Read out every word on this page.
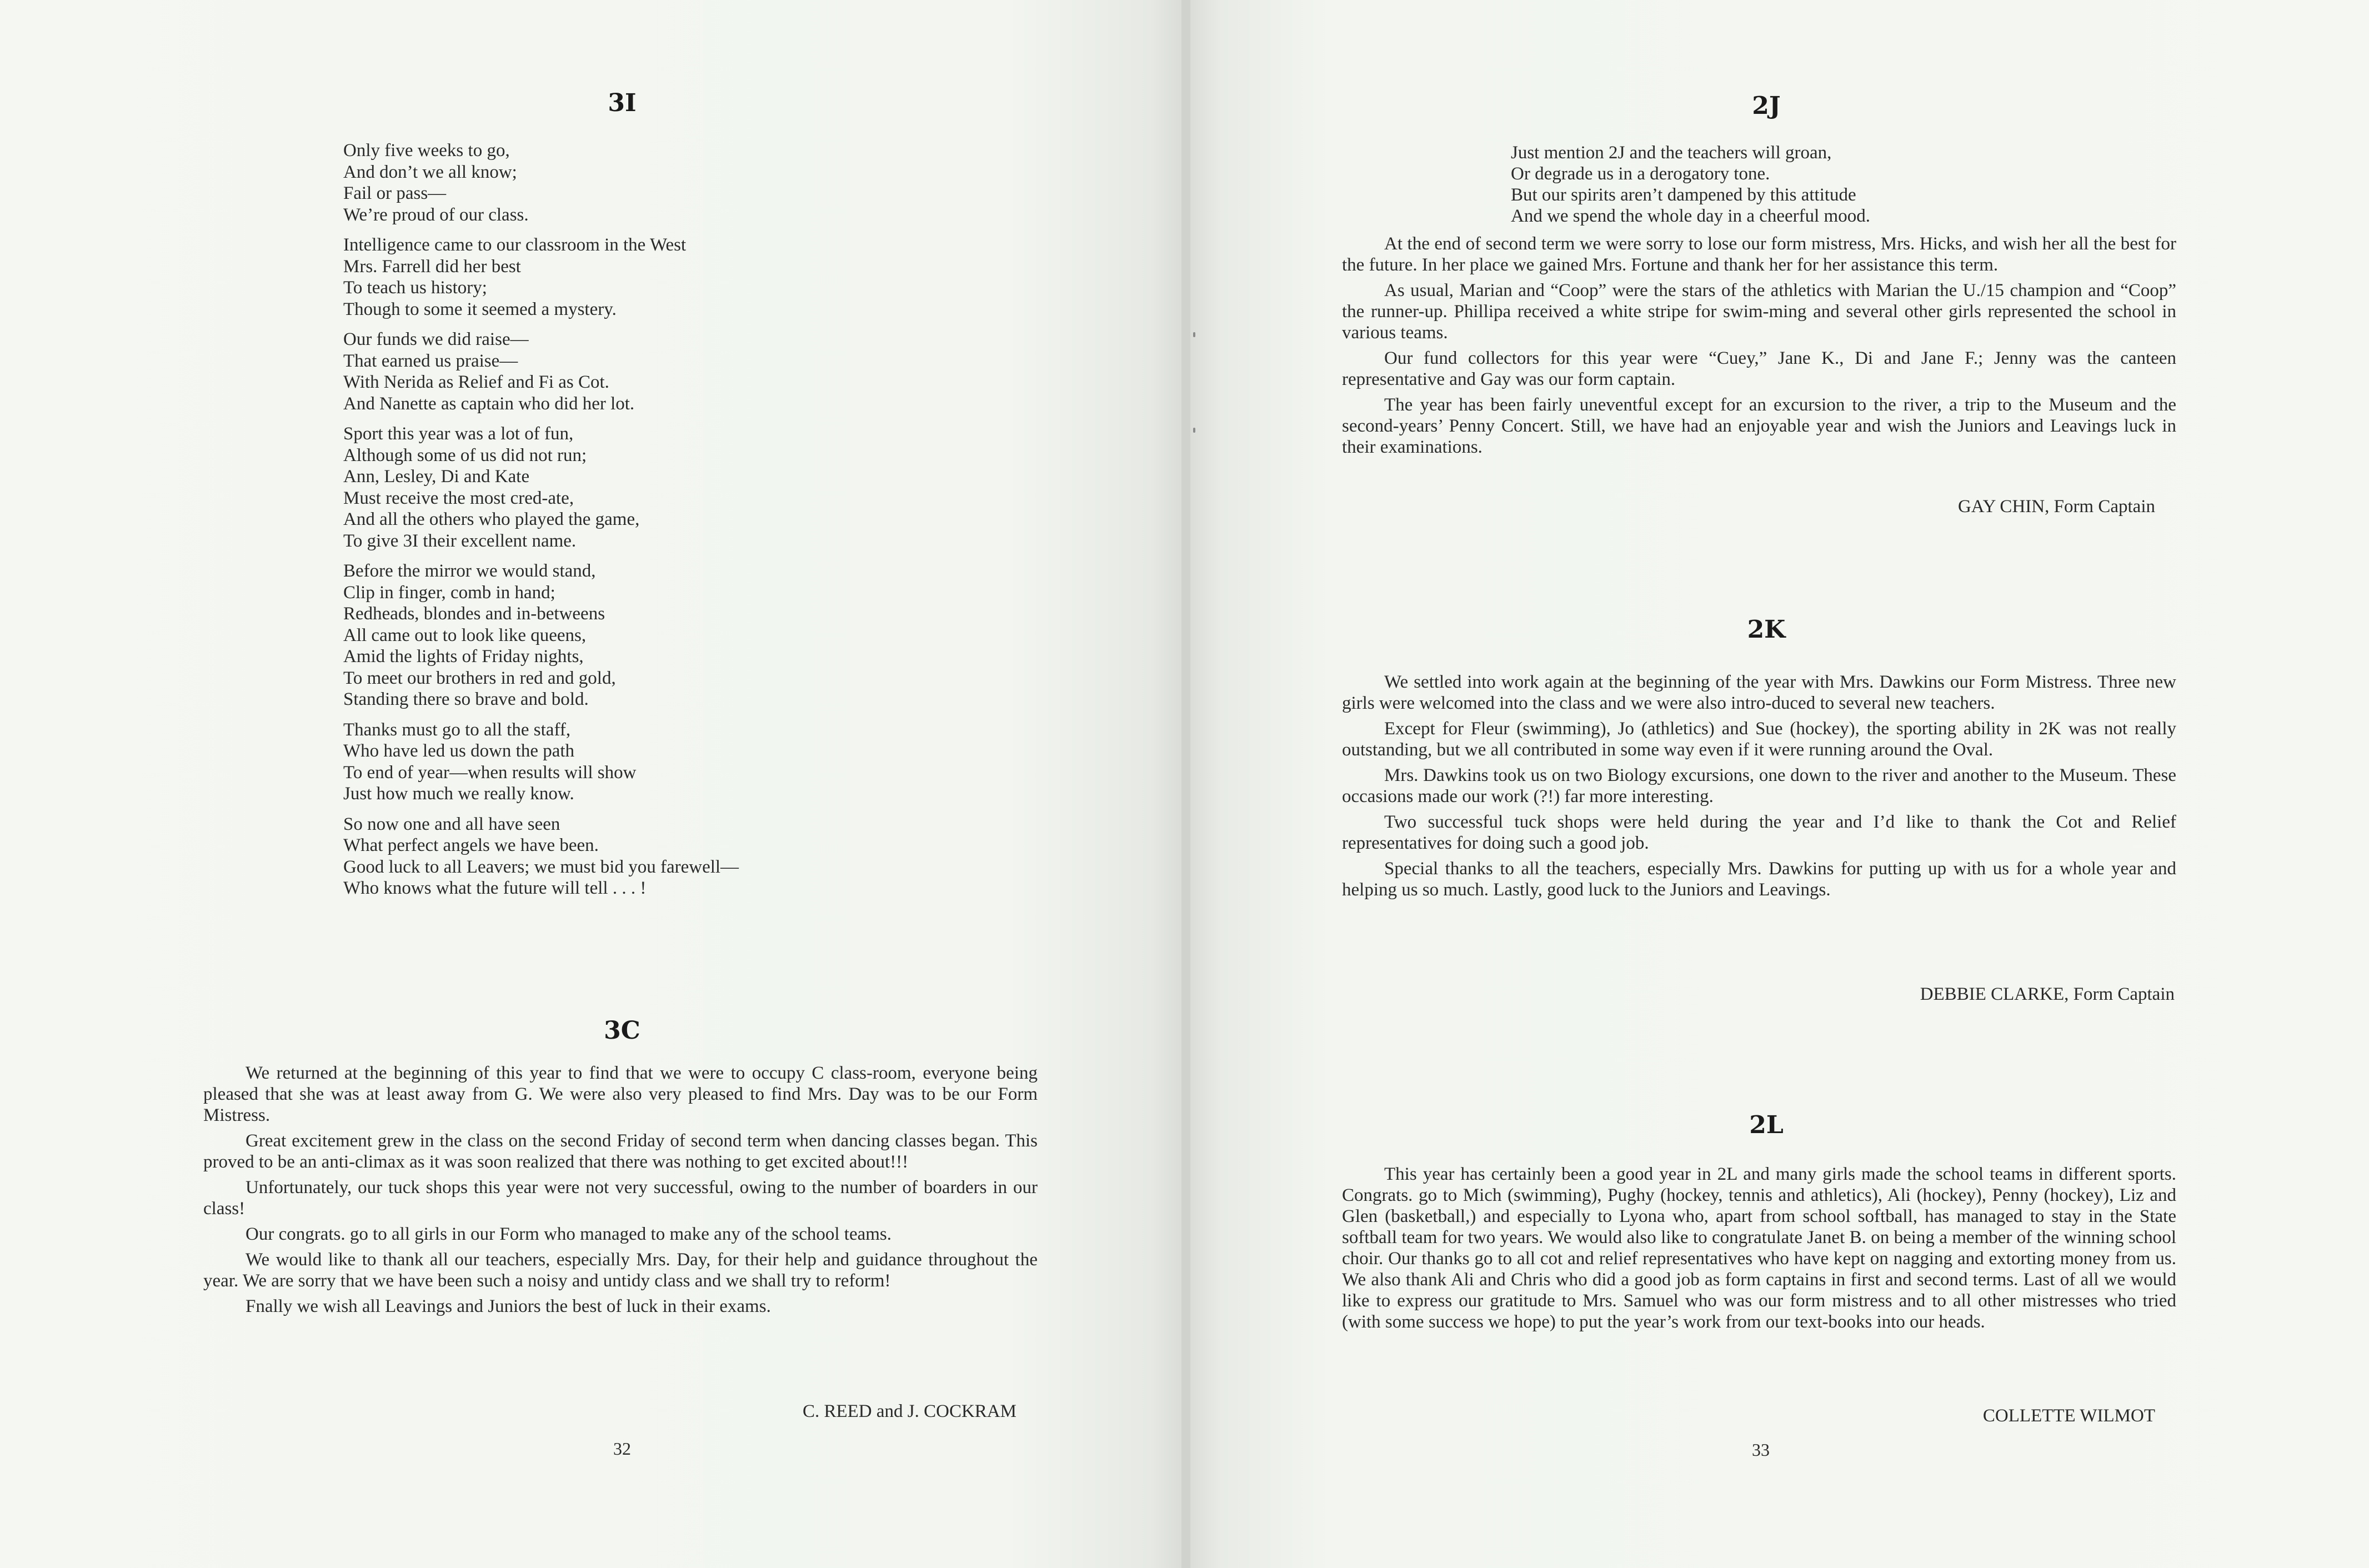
3I
Only five weeks to go,
And don’t we all know;
Fail or pass—
We’re proud of our class.
Intelligence came to our classroom in the West
Mrs. Farrell did her best
To teach us history;
Though to some it seemed a mystery.
Our funds we did raise—
That earned us praise—
With Nerida as Relief and Fi as Cot.
And Nanette as captain who did her lot.
Sport this year was a lot of fun,
Although some of us did not run;
Ann, Lesley, Di and Kate
Must receive the most cred-ate,
And all the others who played the game,
To give 3I their excellent name.
Before the mirror we would stand,
Clip in finger, comb in hand;
Redheads, blondes and in-betweens
All came out to look like queens,
Amid the lights of Friday nights,
To meet our brothers in red and gold,
Standing there so brave and bold.
Thanks must go to all the staff,
Who have led us down the path
To end of year—when results will show
Just how much we really know.
So now one and all have seen
What perfect angels we have been.
Good luck to all Leavers; we must bid you farewell—
Who knows what the future will tell . . . !
3C

We returned at the beginning of this year to find that we were to occupy C class-room, everyone being pleased that she was at least away from G. We were also very pleased to find Mrs. Day was to be our Form Mistress.

Great excitement grew in the class on the second Friday of second term when dancing classes began. This proved to be an anti-climax as it was soon realized that there was nothing to get excited about!!!

Unfortunately, our tuck shops this year were not very successful, owing to the number of boarders in our class!

Our congrats. go to all girls in our Form who managed to make any of the school teams.

We would like to thank all our teachers, especially Mrs. Day, for their help and guidance throughout the year. We are sorry that we have been such a noisy and untidy class and we shall try to reform!

Fnally we wish all Leavings and Juniors the best of luck in their exams.

C. REED and J. COCKRAM
32
2J
Just mention 2J and the teachers will groan,
Or degrade us in a derogatory tone.
But our spirits aren’t dampened by this attitude
And we spend the whole day in a cheerful mood.

At the end of second term we were sorry to lose our form mistress, Mrs. Hicks, and wish her all the best for the future. In her place we gained Mrs. Fortune and thank her for her assistance this term.

As usual, Marian and “Coop” were the stars of the athletics with Marian the U./15 champion and “Coop” the runner-up. Phillipa received a white stripe for swim-ming and several other girls represented the school in various teams.

Our fund collectors for this year were “Cuey,” Jane K., Di and Jane F.; Jenny was the canteen representative and Gay was our form captain.

The year has been fairly uneventful except for an excursion to the river, a trip to the Museum and the second-years’ Penny Concert. Still, we have had an enjoyable year and wish the Juniors and Leavings luck in their examinations.

GAY CHIN, Form Captain
2K

We settled into work again at the beginning of the year with Mrs. Dawkins our Form Mistress. Three new girls were welcomed into the class and we were also intro-duced to several new teachers.

Except for Fleur (swimming), Jo (athletics) and Sue (hockey), the sporting ability in 2K was not really outstanding, but we all contributed in some way even if it were running around the Oval.

Mrs. Dawkins took us on two Biology excursions, one down to the river and another to the Museum. These occasions made our work (?!) far more interesting.

Two successful tuck shops were held during the year and I’d like to thank the Cot and Relief representatives for doing such a good job.

Special thanks to all the teachers, especially Mrs. Dawkins for putting up with us for a whole year and helping us so much. Lastly, good luck to the Juniors and Leavings.

DEBBIE CLARKE, Form Captain
2L

This year has certainly been a good year in 2L and many girls made the school teams in different sports. Congrats. go to Mich (swimming), Pughy (hockey, tennis and athletics), Ali (hockey), Penny (hockey), Liz and Glen (basketball,) and especially to Lyona who, apart from school softball, has managed to stay in the State softball team for two years. We would also like to congratulate Janet B. on being a member of the winning school choir. Our thanks go to all cot and relief representatives who have kept on nagging and extorting money from us. We also thank Ali and Chris who did a good job as form captains in first and second terms. Last of all we would like to express our gratitude to Mrs. Samuel who was our form mistress and to all other mistresses who tried (with some success we hope) to put the year’s work from our text-books into our heads.

COLLETTE WILMOT
33
